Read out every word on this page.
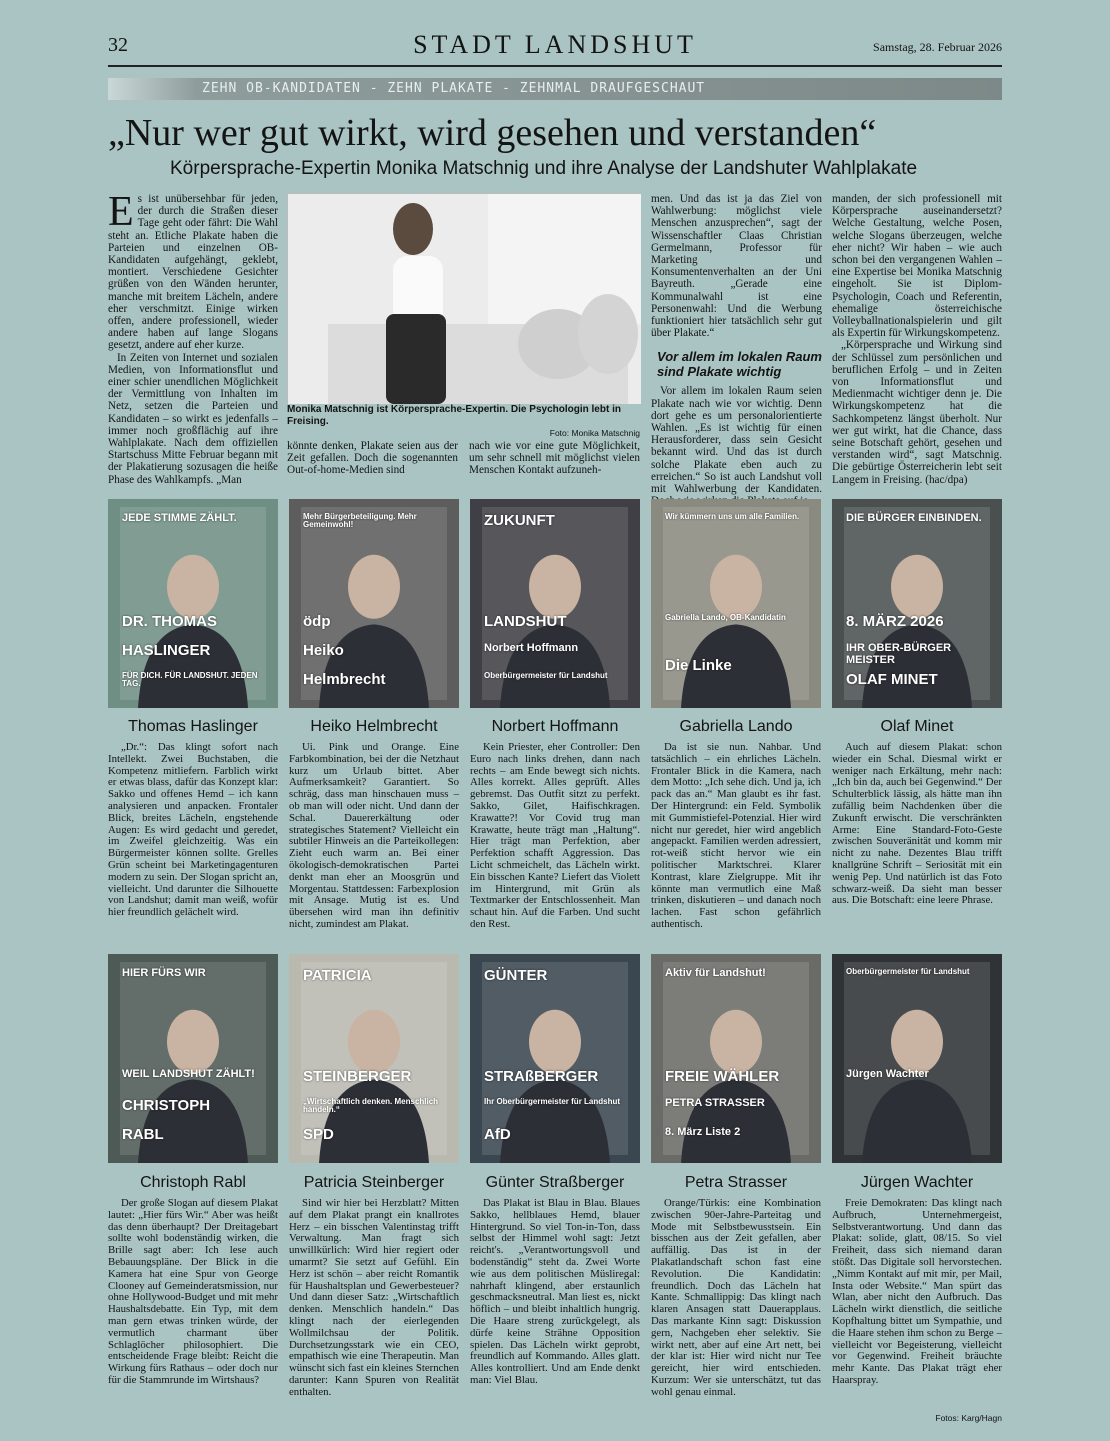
32	STADT LANDSHUT	Samstag, 28. Februar 2026
ZEHN OB-KANDIDATEN - ZEHN PLAKATE - ZEHNMAL DRAUFGESCHAUT
„Nur wer gut wirkt, wird gesehen und verstanden“
Körpersprache-Expertin Monika Matschnig und ihre Analyse der Landshuter Wahlplakate

Es ist unübersehbar für jeden, der durch die Straßen dieser Tage geht oder fährt: Die Wahl steht an. Etliche Plakate haben die Parteien und einzelnen OB-Kandidaten aufgehängt, geklebt, montiert. Verschiedene Gesichter grüßen von den Wänden herunter, manche mit breitem Lächeln, andere eher verschmitzt. Einige wirken offen, andere professionell, wieder andere haben auf lange Slogans gesetzt, andere auf eher kurze.

In Zeiten von Internet und sozialen Medien, von Informationsflut und einer schier unendlichen Möglichkeit der Vermittlung von Inhalten im Netz, setzen die Parteien und Kandidaten – so wirkt es jedenfalls – immer noch großflächig auf ihre Wahlplakate. Nach dem offiziellen Startschuss Mitte Februar begann mit der Plakatierung sozusagen die heiße Phase des Wahlkampfs. „Man

Monika Matschnig ist Körpersprache-Expertin. Die Psychologin lebt in Freising.
Foto: Monika Matschnig

könnte denken, Plakate seien aus der Zeit gefallen. Doch die sogenannten Out-of-home-Medien sind

nach wie vor eine gute Möglichkeit, um sehr schnell mit möglichst vielen Menschen Kontakt aufzuneh-

men. Und das ist ja das Ziel von Wahlwerbung: möglichst viele Menschen anzusprechen“, sagt der Wissenschaftler Claas Christian Germelmann, Professor für Marketing und Konsumentenverhalten an der Uni Bayreuth. „Gerade eine Kommunalwahl ist eine Personenwahl: Und die Werbung funktioniert hier tatsächlich sehr gut über Plakate.“

Vor allem im lokalen Raum sind Plakate wichtig

Vor allem im lokalen Raum seien Plakate nach wie vor wichtig. Denn dort gehe es um personalorientierte Wahlen. „Es ist wichtig für einen Herausforderer, dass sein Gesicht bekannt wird. Und das ist durch solche Plakate eben auch zu erreichen.“ So ist auch Landshut voll mit Wahlwerbung der Kandidaten.

manden, der sich professionell mit Körpersprache auseinandersetzt? Welche Gestaltung, welche Posen, welche Slogans überzeugen, welche eher nicht? Wir haben – wie auch schon bei den vergangenen Wahlen – eine Expertise bei Monika Matschnig eingeholt. Sie ist Diplom-Psychologin, Coach und Referentin, ehemalige österreichische Volleyballnationalspielerin und gilt als Expertin für Wirkungskompetenz.

„Körpersprache und Wirkung sind der Schlüssel zum persönlichen und beruflichen Erfolg – und in Zeiten von Informationsflut und Medienmacht wichtiger denn je. Die Wirkungskompetenz hat die Sachkompetenz längst überholt. Nur wer gut wirkt, hat die Chance, dass seine Botschaft gehört, gesehen und verstanden wird“, sagt Matschnig. Die gebürtige Österreicherin lebt seit Langem in Freising. (hac/dpa)

JEDE STIMME ZÄHLT.
DR. THOMAS
HASLINGER
FÜR DICH. FÜR LANDSHUT. JEDEN TAG.
Thomas Haslinger
„Dr.“: Das klingt sofort nach Intellekt. Zwei Buchstaben, die Kompetenz mitliefern. Farblich wirkt er etwas blass, dafür das Konzept klar: Sakko und offenes Hemd – ich kann analysieren und anpacken. Frontaler Blick, breites Lächeln, engstehende Augen: Es wird gedacht und geredet, im Zweifel gleichzeitig. Was ein Bürgermeister können sollte. Grelles Grün scheint bei Marketingagenturen modern zu sein. Der Slogan spricht an, vielleicht. Und darunter die Silhouette von Landshut; damit man weiß, wofür hier freundlich gelächelt wird.
Mehr Bürgerbeteiligung. Mehr Gemeinwohl!
ödp
Heiko
Helmbrecht
Heiko Helmbrecht
Ui. Pink und Orange. Eine Farbkombination, bei der die Netzhaut kurz um Urlaub bittet. Aber Aufmerksamkeit? Garantiert. So schräg, dass man hinschauen muss – ob man will oder nicht. Und dann der Schal. Dauererkältung oder strategisches Statement? Vielleicht ein subtiler Hinweis an die Parteikollegen: Zieht euch warm an. Bei einer ökologisch-demokratischen Partei denkt man eher an Moosgrün und Morgentau. Stattdessen: Farbexplosion mit Ansage. Mutig ist es. Und übersehen wird man ihn definitiv nicht, zumindest am Plakat.
ZUKUNFT
LANDSHUT
Norbert Hoffmann
Oberbürgermeister für Landshut
Norbert Hoffmann
Kein Priester, eher Controller: Den Euro nach links drehen, dann nach rechts – am Ende bewegt sich nichts. Alles korrekt. Alles geprüft. Alles gebremst. Das Outfit sitzt zu perfekt. Sakko, Gilet, Haifischkragen. Krawatte?! Vor Covid trug man Krawatte, heute trägt man „Haltung“. Hier trägt man Perfektion, aber Perfektion schafft Aggression. Das Licht schmeichelt, das Lächeln wirkt. Ein bisschen Kante? Liefert das Violett im Hintergrund, mit Grün als Textmarker der Entschlossenheit. Man schaut hin. Auf die Farben. Und sucht den Rest.
Wir kümmern uns um alle Familien.
Gabriella Lando, OB-Kandidatin
Die Linke
Gabriella Lando
Da ist sie nun. Nahbar. Und tatsächlich – ein ehrliches Lächeln. Frontaler Blick in die Kamera, nach dem Motto: „Ich sehe dich. Und ja, ich pack das an.“ Man glaubt es ihr fast. Der Hintergrund: ein Feld. Symbolik mit Gummistiefel-Potenzial. Hier wird nicht nur geredet, hier wird angeblich angepackt. Familien werden adressiert, rot-weiß sticht hervor wie ein politischer Marktschrei. Klarer Kontrast, klare Zielgruppe. Mit ihr könnte man vermutlich eine Maß trinken, diskutieren – und danach noch lachen. Fast schon gefährlich authentisch.
DIE BÜRGER EINBINDEN.
8. MÄRZ 2026
IHR OBER-BÜRGER MEISTER
OLAF MINET
Olaf Minet
Auch auf diesem Plakat: schon wieder ein Schal. Diesmal wirkt er weniger nach Erkältung, mehr nach: „Ich bin da, auch bei Gegenwind.“ Der Schulterblick lässig, als hätte man ihn zufällig beim Nachdenken über die Zukunft erwischt. Die verschränkten Arme: Eine Standard-Foto-Geste zwischen Souveränität und komm mir nicht zu nahe. Dezentes Blau trifft knallgrüne Schrift – Seriosität mit ein wenig Pep. Und natürlich ist das Foto schwarz-weiß. Da sieht man besser aus. Die Botschaft: eine leere Phrase.
HIER FÜRS WIR
WEIL LANDSHUT ZÄHLT!
CHRISTOPH
RABL
Christoph Rabl
Der große Slogan auf diesem Plakat lautet: „Hier fürs Wir.“ Aber was heißt das denn überhaupt? Der Dreitagebart sollte wohl bodenständig wirken, die Brille sagt aber: Ich lese auch Bebauungspläne. Der Blick in die Kamera hat eine Spur von George Clooney auf Gemeinderatsmission, nur ohne Hollywood-Budget und mit mehr Haushaltsdebatte. Ein Typ, mit dem man gern etwas trinken würde, der vermutlich charmant über Schlaglöcher philosophiert. Die entscheidende Frage bleibt: Reicht die Wirkung fürs Rathaus – oder doch nur für die Stammrunde im Wirtshaus?
PATRICIA
STEINBERGER
„Wirtschaftlich denken. Menschlich handeln.“
SPD
Patricia Steinberger
Sind wir hier bei Herzblatt? Mitten auf dem Plakat prangt ein knallrotes Herz – ein bisschen Valentinstag trifft Verwaltung. Man fragt sich unwillkürlich: Wird hier regiert oder umarmt? Sie setzt auf Gefühl. Ein Herz ist schön – aber reicht Romantik für Haushaltsplan und Gewerbesteuer? Und dann dieser Satz: „Wirtschaftlich denken. Menschlich handeln.“ Das klingt nach der eierlegenden Wollmilchsau der Politik. Durchsetzungsstark wie ein CEO, empathisch wie eine Therapeutin. Man wünscht sich fast ein kleines Sternchen darunter: Kann Spuren von Realität enthalten.
GÜNTER
STRAßBERGER
Ihr Oberbürgermeister für Landshut
AfD
Günter Straßberger
Das Plakat ist Blau in Blau. Blaues Sakko, hellblaues Hemd, blauer Hintergrund. So viel Ton-in-Ton, dass selbst der Himmel wohl sagt: Jetzt reicht's. „Verantwortungsvoll und bodenständig“ steht da. Zwei Worte wie aus dem politischen Müsliregal: nahrhaft klingend, aber erstaunlich geschmacksneutral. Man liest es, nickt höflich – und bleibt inhaltlich hungrig. Die Haare streng zurückgelegt, als dürfe keine Strähne Opposition spielen. Das Lächeln wirkt geprobt, freundlich auf Kommando. Alles glatt. Alles kontrolliert. Und am Ende denkt man: Viel Blau.
Aktiv für Landshut!
FREIE WÄHLER
PETRA STRASSER
8. März Liste 2
Petra Strasser
Orange/Türkis: eine Kombination zwischen 90er-Jahre-Parteitag und Mode mit Selbstbewusstsein. Ein bisschen aus der Zeit gefallen, aber auffällig. Das ist in der Plakatlandschaft schon fast eine Revolution. Die Kandidatin: freundlich. Doch das Lächeln hat Kante. Schmallippig: Das klingt nach klaren Ansagen statt Dauerapplaus. Das markante Kinn sagt: Diskussion gern, Nachgeben eher selektiv. Sie wirkt nett, aber auf eine Art nett, bei der klar ist: Hier wird nicht nur Tee gereicht, hier wird entschieden. Kurzum: Wer sie unterschätzt, tut das wohl genau einmal.
Oberbürgermeister für Landshut
Jürgen Wachter
Jürgen Wachter
Freie Demokraten: Das klingt nach Aufbruch, Unternehmergeist, Selbstverantwortung. Und dann das Plakat: solide, glatt, 08/15. So viel Freiheit, dass sich niemand daran stößt. Das Digitale soll hervorstechen. „Nimm Kontakt auf mit mir, per Mail, Insta oder Website.“ Man spürt das Wlan, aber nicht den Aufbruch. Das Lächeln wirkt dienstlich, die seitliche Kopfhaltung bittet um Sympathie, und die Haare stehen ihm schon zu Berge – vielleicht vor Begeisterung, vielleicht vor Gegenwind. Freiheit bräuchte mehr Kante. Das Plakat trägt eher Haarspray.
Fotos: Karg/Hagn
